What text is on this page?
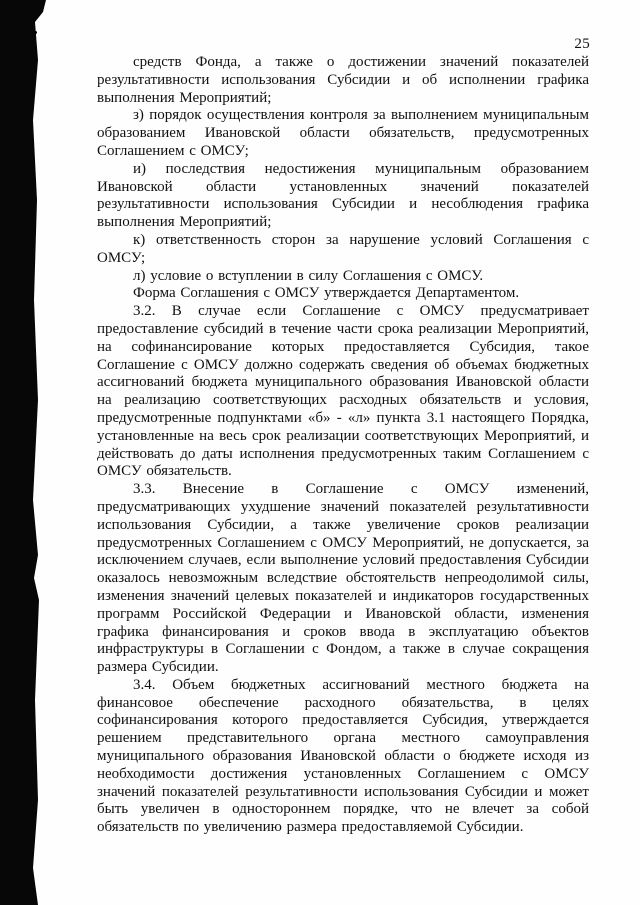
25

средств Фонда, а также о достижении значений показателей результативности использования Субсидии и об исполнении графика выполнения Мероприятий;

з) порядок осуществления контроля за выполнением муниципальным образованием Ивановской области обязательств, предусмотренных Соглашением с ОМСУ;

и) последствия недостижения муниципальным образованием Ивановской области установленных значений показателей результативности использования Субсидии и несоблюдения графика выполнения Мероприятий;

к) ответственность сторон за нарушение условий Соглашения с ОМСУ;

л) условие о вступлении в силу Соглашения с ОМСУ.

Форма Соглашения с ОМСУ утверждается Департаментом.

3.2. В случае если Соглашение с ОМСУ предусматривает предоставление субсидий в течение части срока реализации Мероприятий, на софинансирование которых предоставляется Субсидия, такое Соглашение с ОМСУ должно содержать сведения об объемах бюджетных ассигнований бюджета муниципального образования Ивановской области на реализацию соответствующих расходных обязательств и условия, предусмотренные подпунктами «б» - «л» пункта 3.1 настоящего Порядка, установленные на весь срок реализации соответствующих Мероприятий, и действовать до даты исполнения предусмотренных таким Соглашением с ОМСУ обязательств.

3.3. Внесение в Соглашение с ОМСУ изменений, предусматривающих ухудшение значений показателей результативности использования Субсидии, а также увеличение сроков реализации предусмотренных Соглашением с ОМСУ Мероприятий, не допускается, за исключением случаев, если выполнение условий предоставления Субсидии оказалось невозможным вследствие обстоятельств непреодолимой силы, изменения значений целевых показателей и индикаторов государственных программ Российской Федерации и Ивановской области, изменения графика финансирования и сроков ввода в эксплуатацию объектов инфраструктуры в Соглашении с Фондом, а также в случае сокращения размера Субсидии.

3.4. Объем бюджетных ассигнований местного бюджета на финансовое обеспечение расходного обязательства, в целях софинансирования которого предоставляется Субсидия, утверждается решением представительного органа местного самоуправления муниципального образования Ивановской области о бюджете исходя из необходимости достижения установленных Соглашением с ОМСУ значений показателей результативности использования Субсидии и может быть увеличен в одностороннем порядке, что не влечет за собой обязательств по увеличению размера предоставляемой Субсидии.
